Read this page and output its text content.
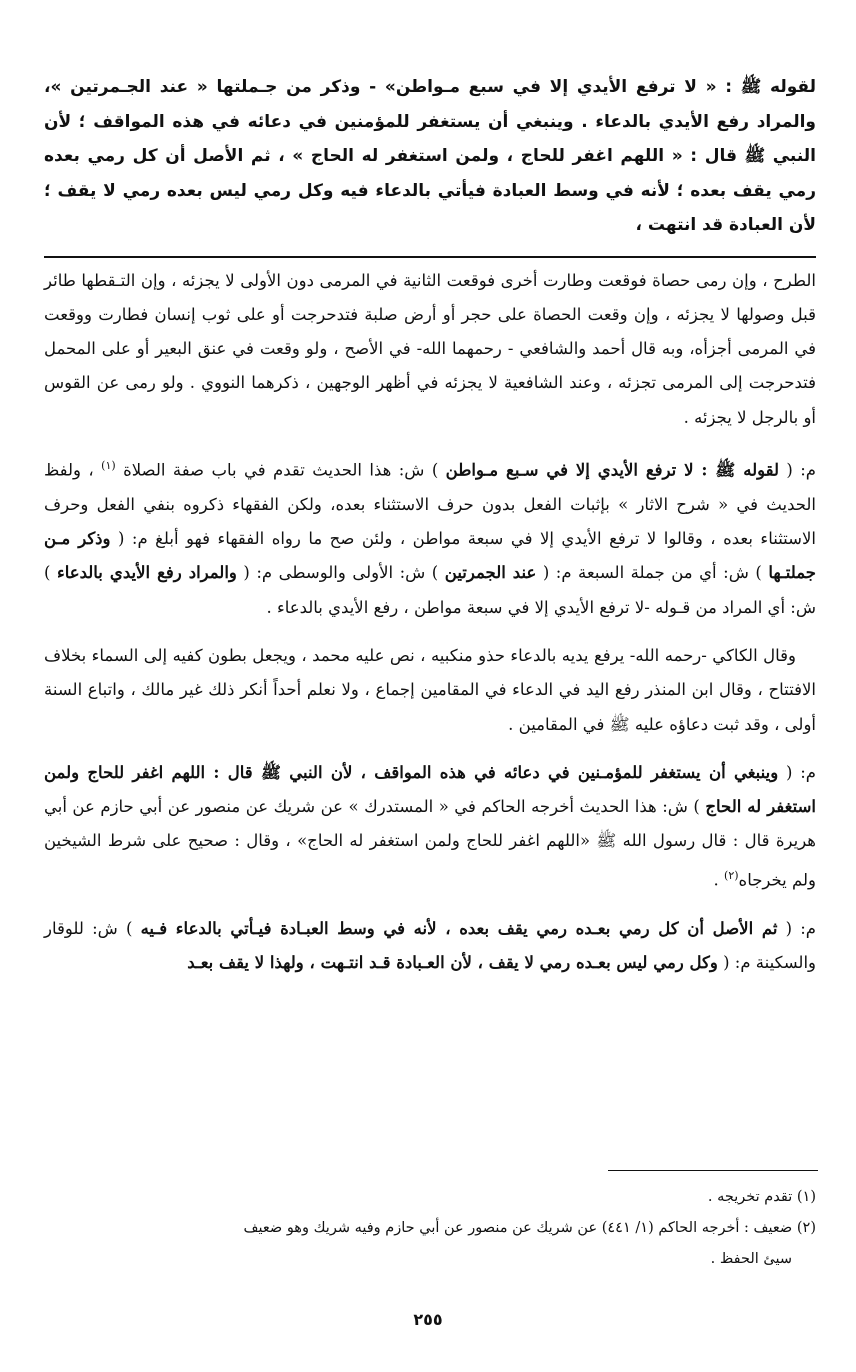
لقوله ﷺ : « لا ترفع الأيدي إلا في سبع مـواطن» - وذكر من جـملتها « عند الجـمرتين »، والمراد رفع الأيدي بالدعاء . وينبغي أن يستغفر للمؤمنين في دعائه في هذه المواقف ؛ لأن النبي ﷺ قال : « اللهم اغفر للحاج ، ولمن استغفر له الحاج » ، ثم الأصل أن كل رمي بعده رمي يقف بعده ؛ لأنه في وسط العبادة فيأتي بالدعاء فيه وكل رمي ليس بعده رمي لا يقف ؛ لأن العبادة قد انتهت ،

الطرح ، وإن رمى حصاة فوقعت وطارت أخرى فوقعت الثانية في المرمى دون الأولى لا يجزئه ، وإن التـقطها طائر قبل وصولها لا يجزئه ، وإن وقعت الحصاة على حجر أو أرض صلبة فتدحرجت أو على ثوب إنسان فطارت ووقعت في المرمى أجزأه، وبه قال أحمد والشافعي - رحمهما الله- في الأصح ، ولو وقعت في عنق البعير أو على المحمل فتدحرجت إلى المرمى تجزئه ، وعند الشافعية لا يجزئه في أظهر الوجهين ، ذكرهما النووي . ولو رمى عن القوس أو بالرجل لا يجزئه .

م: ( لقوله ﷺ : لا ترفع الأيدي إلا في سـبع مـواطن ) ش: هذا الحديث تقدم في باب صفة الصلاة $^{(١)}$ ، ولفظ الحديث في « شرح الاثار » بإثبات الفعل بدون حرف الاستثناء بعده، ولكن الفقهاء ذكروه بنفي الفعل وحرف الاستثناء بعده ، وقالوا لا ترفع الأيدي إلا في سبعة مواطن ، ولئن صح ما رواه الفقهاء فهو أبلغ م: ( وذكر مـن جملتـها ) ش: أي من جملة السبعة م: ( عند الجمرتين ) ش: الأولى والوسطى م: ( والمراد رفع الأيدي بالدعاء ) ش: أي المراد من قـوله -لا ترفع الأيدي إلا في سبعة مواطن ، رفع الأيدي بالدعاء .

وقال الكاكي -رحمه الله- يرفع يديه بالدعاء حذو منكبيه ، نص عليه محمد ، ويجعل بطون كفيه إلى السماء بخلاف الافتتاح ، وقال ابن المنذر رفع اليد في الدعاء في المقامين إجماع ، ولا نعلم أحداً أنكر ذلك غير مالك ، واتباع السنة أولى ، وقد ثبت دعاؤه عليه ﷺ في المقامين .

م: ( وينبغي أن يستغفر للمؤمـنين في دعائه في هذه المواقف ، لأن النبي ﷺ قال : اللهم اغفر للحاج ولمن استغفر له الحاج ) ش: هذا الحديث أخرجه الحاكم في « المستدرك » عن شريك عن منصور عن أبي حازم عن أبي هريرة قال : قال رسول الله ﷺ «اللهم اغفر للحاج ولمن استغفر له الحاج» ، وقال : صحيح على شرط الشيخين ولم يخرجاه$^{(٢)}$ .

م: ( ثم الأصل أن كل رمي بعـده رمي يقف بعده ، لأنه في وسط العبـادة فيـأتي بالدعاء فـيه ) ش: للوقار والسكينة م: ( وكل رمي ليس بعـده رمي لا يقف ، لأن العـبادة قـد انتـهت ، ولهذا لا يقف بعـد

(١) تقدم تخريجه .

(٢) ضعيف : أخرجه الحاكم (١/ ٤٤١) عن شريك عن منصور عن أبي حازم وفيه شريك وهو ضعيف

سيئ الحفظ .

٢٥٥
